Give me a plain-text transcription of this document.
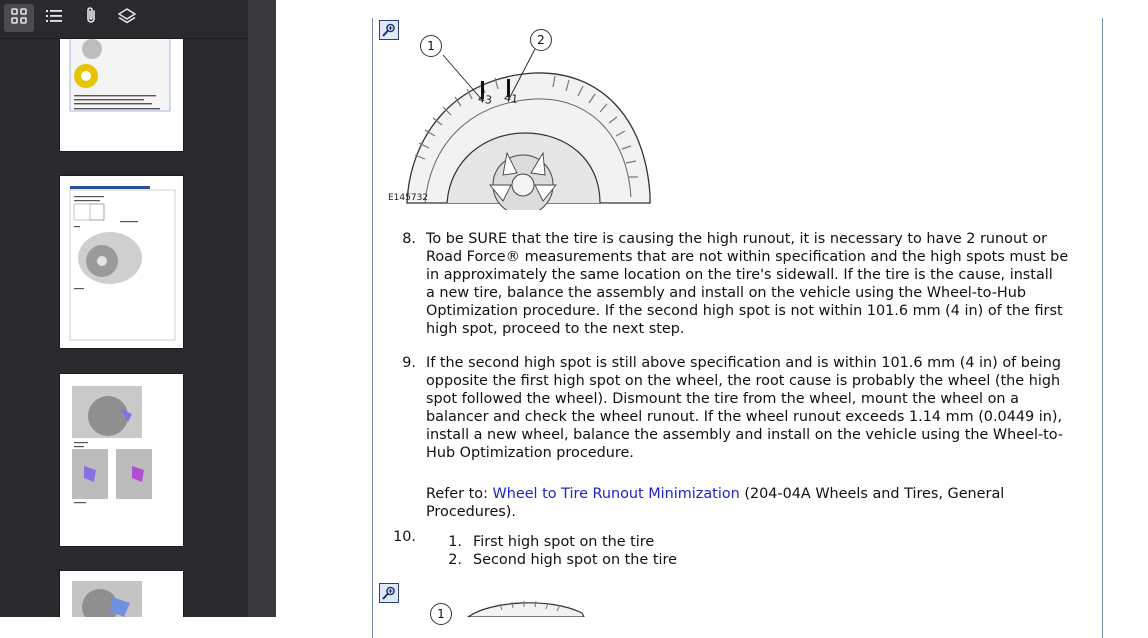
1	2
43 41
E145732
8. To be SURE that the tire is causing the high runout, it is necessary to have 2 runout or
Road Force® measurements that are not within specification and the high spots must be
in approximately the same location on the tire's sidewall. If the tire is the cause, install
a new tire, balance the assembly and install on the vehicle using the Wheel-to-Hub
Optimization procedure. If the second high spot is not within 101.6 mm (4 in) of the first
high spot, proceed to the next step.
9. If the second high spot is still above specification and is within 101.6 mm (4 in) of being
opposite the first high spot on the wheel, the root cause is probably the wheel (the high
spot followed the wheel). Dismount the tire from the wheel, mount the wheel on a
balancer and check the wheel runout. If the wheel runout exceeds 1.14 mm (0.0449 in),
install a new wheel, balance the assembly and install on the vehicle using the Wheel-to-
Hub Optimization procedure.
Refer to: Wheel to Tire Runout Minimization (204-04A Wheels and Tires, General
Procedures).
10.	1. First high spot on the tire
2. Second high spot on the tire
1
